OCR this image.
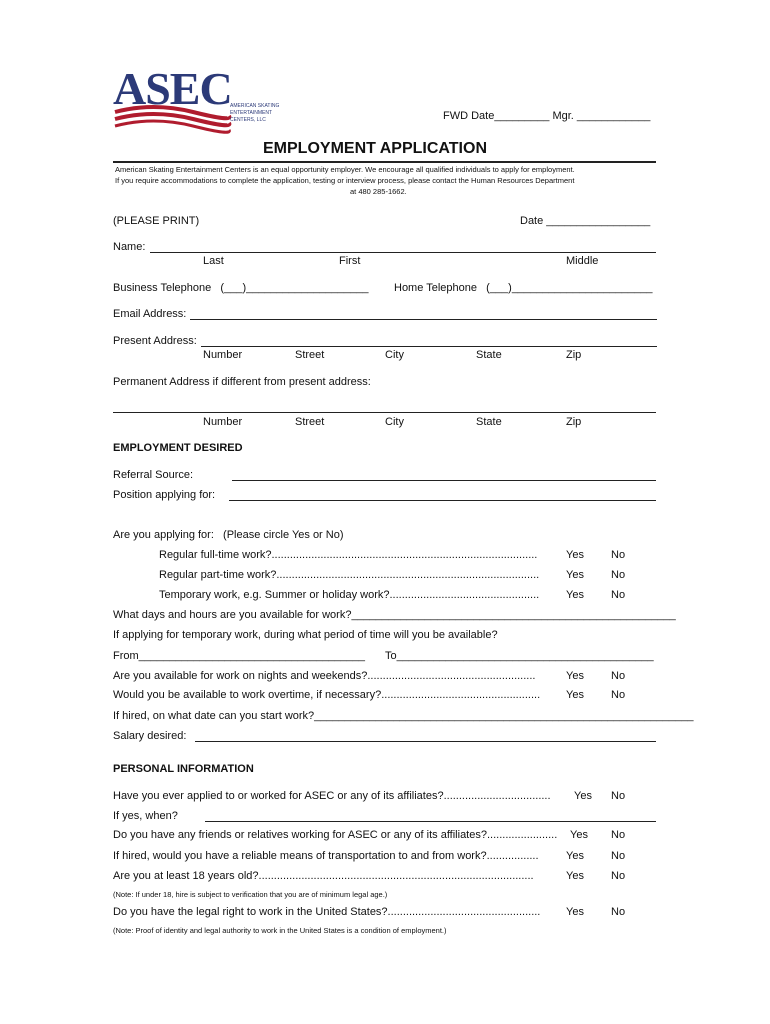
ASEC
AMERICAN SKATING
ENTERTAINMENT
CENTERS, LLC	FWD Date_________ Mgr. ____________
EMPLOYMENT APPLICATION
American Skating Entertainment Centers is an equal opportunity employer. We encourage all qualified individuals to apply for employment.
If you require accommodations to complete the application, testing or interview process, please contact the Human Resources Department
at 480 285-1662.
(PLEASE PRINT)	Date _________________
Name:
Last	First	Middle
Business Telephone   (___)____________________ Home Telephone   (___)_______________________
Email Address:
Present Address:
Number	Street	City	State	Zip
Permanent Address if different from present address:
Number	Street	City	State	Zip
EMPLOYMENT DESIRED
Referral Source:
Position applying for:
Are you applying for:   (Please circle Yes or No)
Regular full-time work?.......................................................................................	Yes No
Regular part-time work?...................................................................................... Yes No
Temporary work, e.g. Summer or holiday work?................................................. Yes No
What days and hours are you available for work?_____________________________________________________
If applying for temporary work, during what period of time will you be available?
From_____________________________________ To__________________________________________
Are you available for work on nights and weekends?.......................................................	Yes No
Would you be available to work overtime, if necessary?.................................................... Yes No
If hired, on what date can you start work?______________________________________________________________
Salary desired:
PERSONAL INFORMATION
Have you ever applied to or worked for ASEC or any of its affiliates?................................... Yes No
If yes, when?
Do you have any friends or relatives working for ASEC or any of its affiliates?....................... Yes No
If hired, would you have a reliable means of transportation to and from work?................. Yes No
Are you at least 18 years old?..........................................................................................	Yes No
(Note: If under 18, hire is subject to verification that you are of minimum legal age.)
Do you have the legal right to work in the United States?.................................................. Yes No
(Note: Proof of identity and legal authority to work in the United States is a condition of employment.)
